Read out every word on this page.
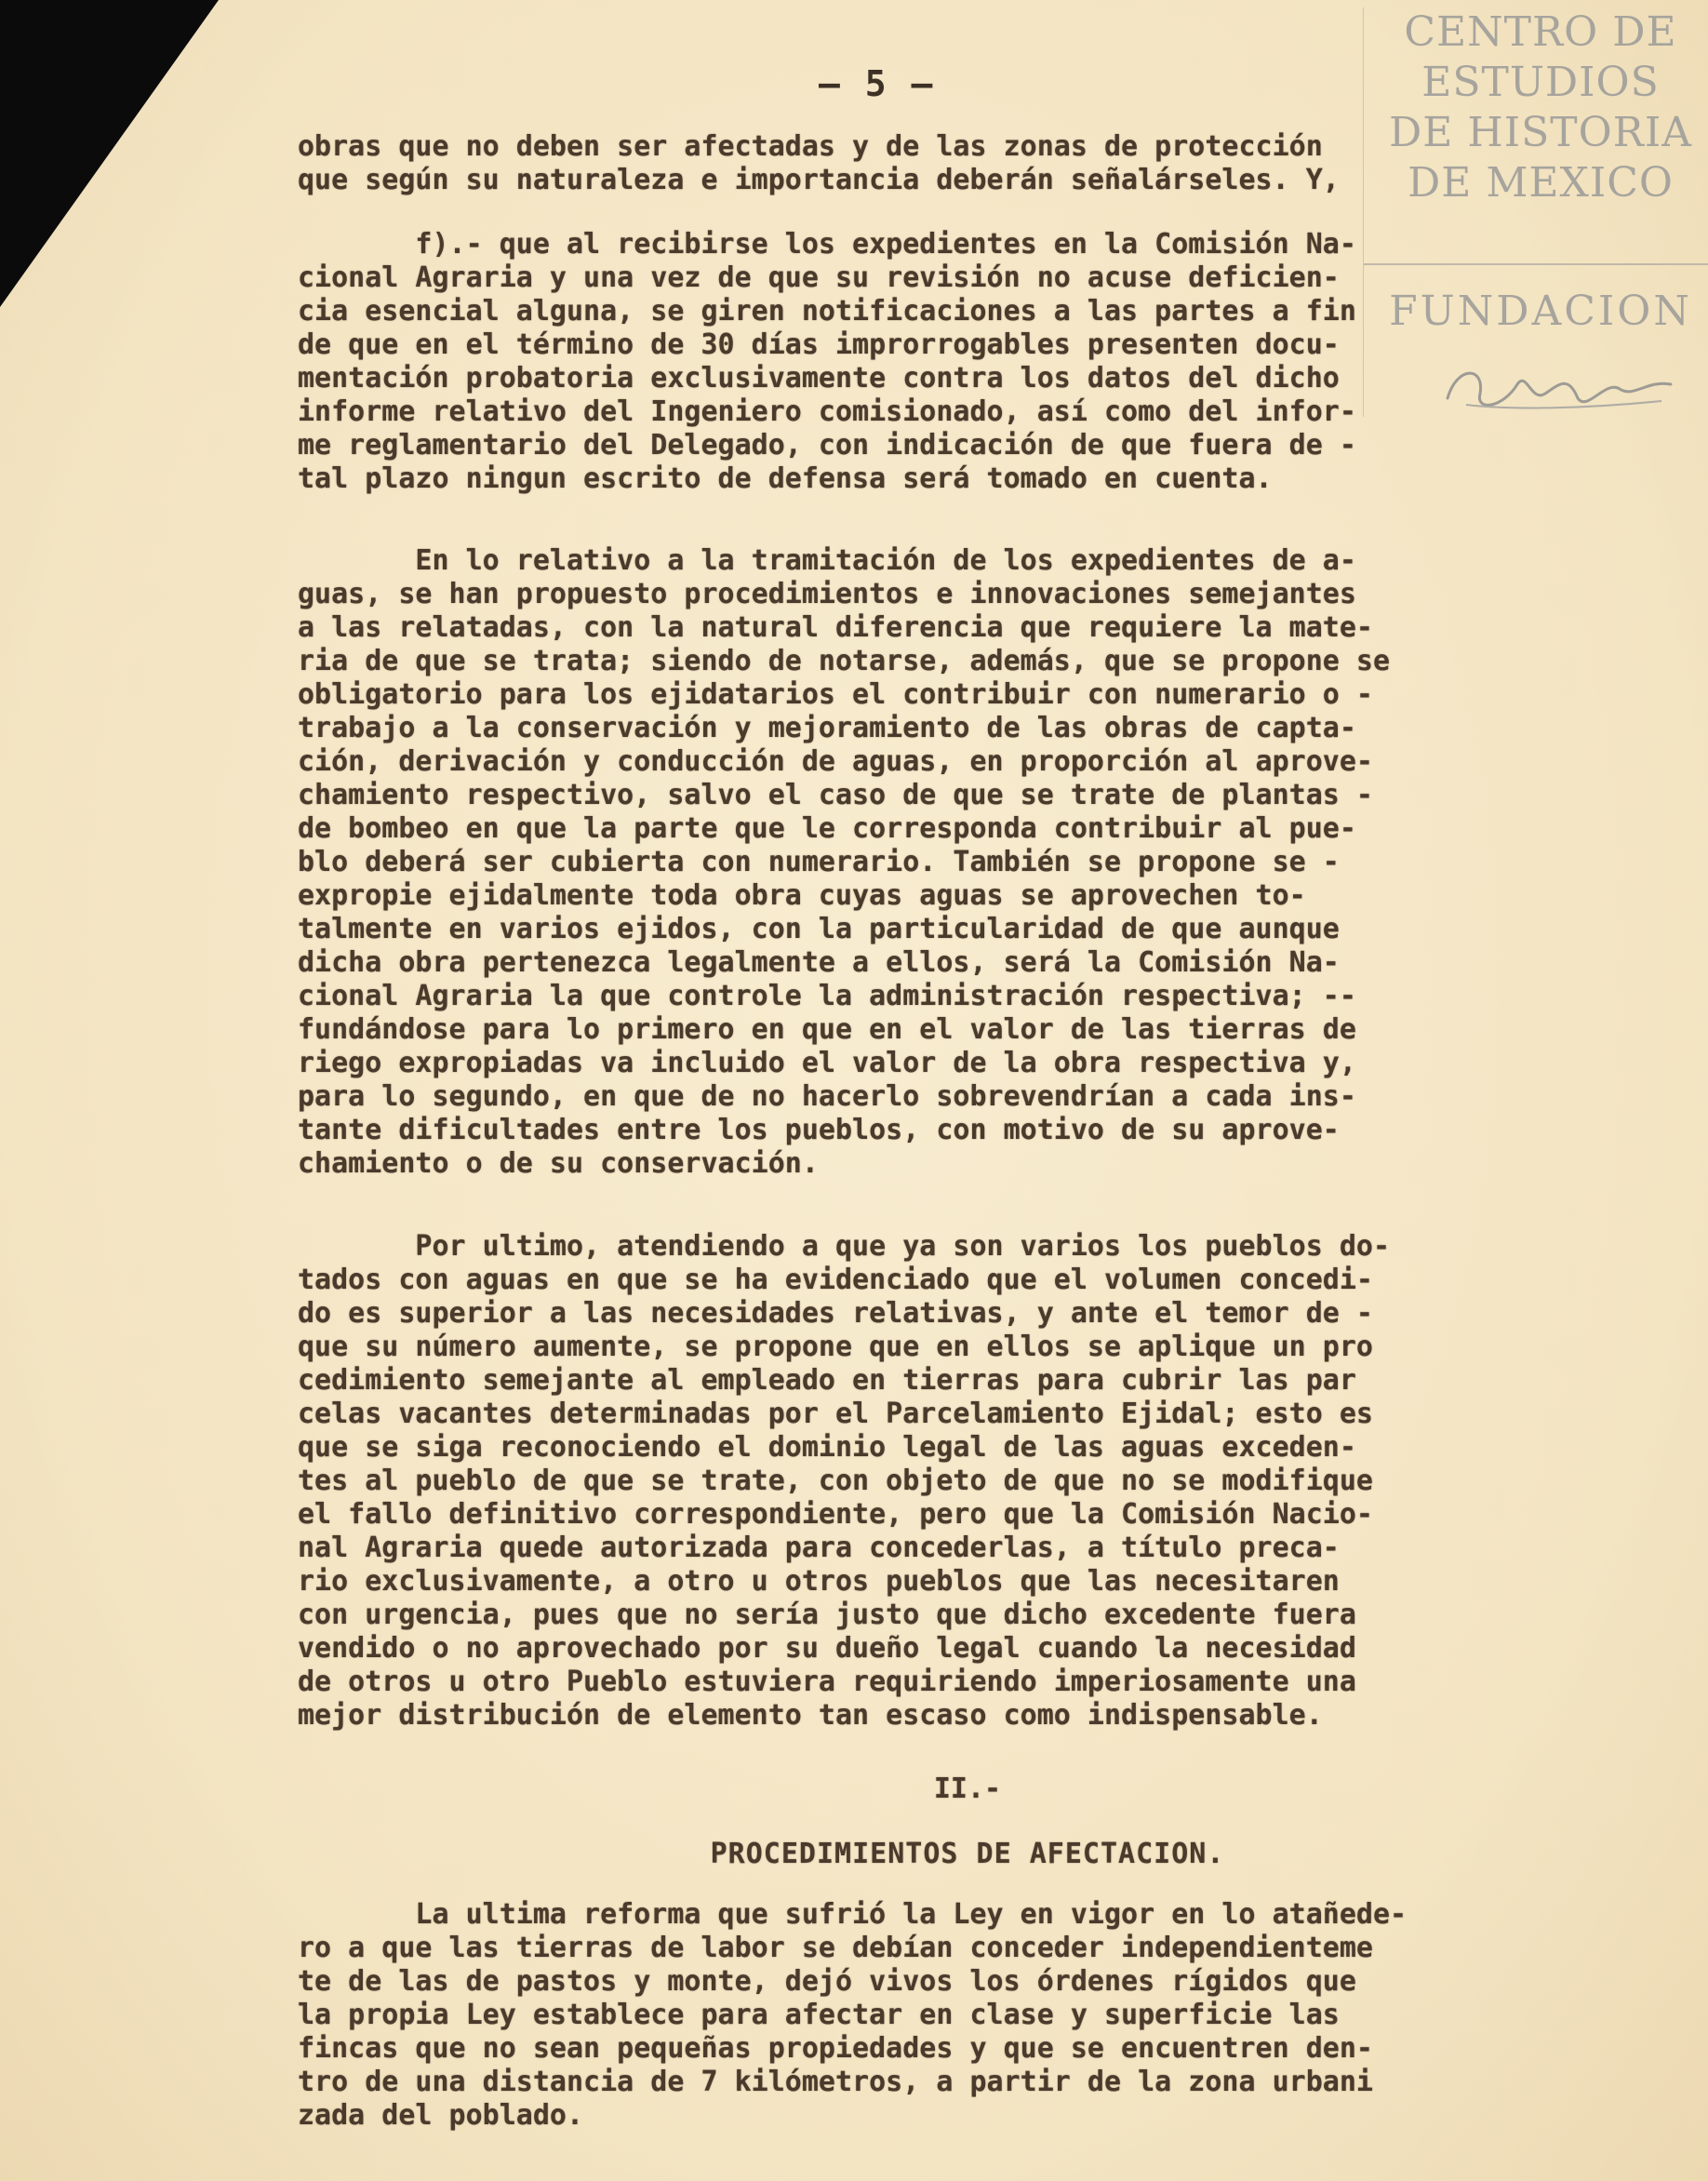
CENTRO DE
ESTUDIOS
DE HISTORIA
DE MEXICO
FUNDACION
— 5 —
obras que no deben ser afectadas y de las zonas de protección
que según su naturaleza e importancia deberán señalárseles. Y,
f).- que al recibirse los expedientes en la Comisión Na-
cional Agraria y una vez de que su revisión no acuse deficien-
cia esencial alguna, se giren notificaciones a las partes a fin
de que en el término de 30 días improrrogables presenten docu-
mentación probatoria exclusivamente contra los datos del dicho
informe relativo del Ingeniero comisionado, así como del infor-
me reglamentario del Delegado, con indicación de que fuera de -
tal plazo ningun escrito de defensa será tomado en cuenta.
En lo relativo a la tramitación de los expedientes de a-
guas, se han propuesto procedimientos e innovaciones semejantes
a las relatadas, con la natural diferencia que requiere la mate-
ria de que se trata; siendo de notarse, además, que se propone se
obligatorio para los ejidatarios el contribuir con numerario o -
trabajo a la conservación y mejoramiento de las obras de capta-
ción, derivación y conducción de aguas, en proporción al aprove-
chamiento respectivo, salvo el caso de que se trate de plantas -
de bombeo en que la parte que le corresponda contribuir al pue-
blo deberá ser cubierta con numerario. También se propone se -
expropie ejidalmente toda obra cuyas aguas se aprovechen to-
talmente en varios ejidos, con la particularidad de que aunque
dicha obra pertenezca legalmente a ellos, será la Comisión Na-
cional Agraria la que controle la administración respectiva; --
fundándose para lo primero en que en el valor de las tierras de
riego expropiadas va incluido el valor de la obra respectiva y,
para lo segundo, en que de no hacerlo sobrevendrían a cada ins-
tante dificultades entre los pueblos, con motivo de su aprove-
chamiento o de su conservación.
Por ultimo, atendiendo a que ya son varios los pueblos do-
tados con aguas en que se ha evidenciado que el volumen concedi-
do es superior a las necesidades relativas, y ante el temor de -
que su número aumente, se propone que en ellos se aplique un pro
cedimiento semejante al empleado en tierras para cubrir las par
celas vacantes determinadas por el Parcelamiento Ejidal; esto es
que se siga reconociendo el dominio legal de las aguas exceden-
tes al pueblo de que se trate, con objeto de que no se modifique
el fallo definitivo correspondiente, pero que la Comisión Nacio-
nal Agraria quede autorizada para concederlas, a título preca-
rio exclusivamente, a otro u otros pueblos que las necesitaren
con urgencia, pues que no sería justo que dicho excedente fuera
vendido o no aprovechado por su dueño legal cuando la necesidad
de otros u otro Pueblo estuviera requiriendo imperiosamente una
mejor distribución de elemento tan escaso como indispensable.
II.-
PROCEDIMIENTOS DE AFECTACION.
La ultima reforma que sufrió la Ley en vigor en lo atañede-
ro a que las tierras de labor se debían conceder independienteme
te de las de pastos y monte, dejó vivos los órdenes rígidos que
la propia Ley establece para afectar en clase y superficie las
fincas que no sean pequeñas propiedades y que se encuentren den-
tro de una distancia de 7 kilómetros, a partir de la zona urbani
zada del poblado.
